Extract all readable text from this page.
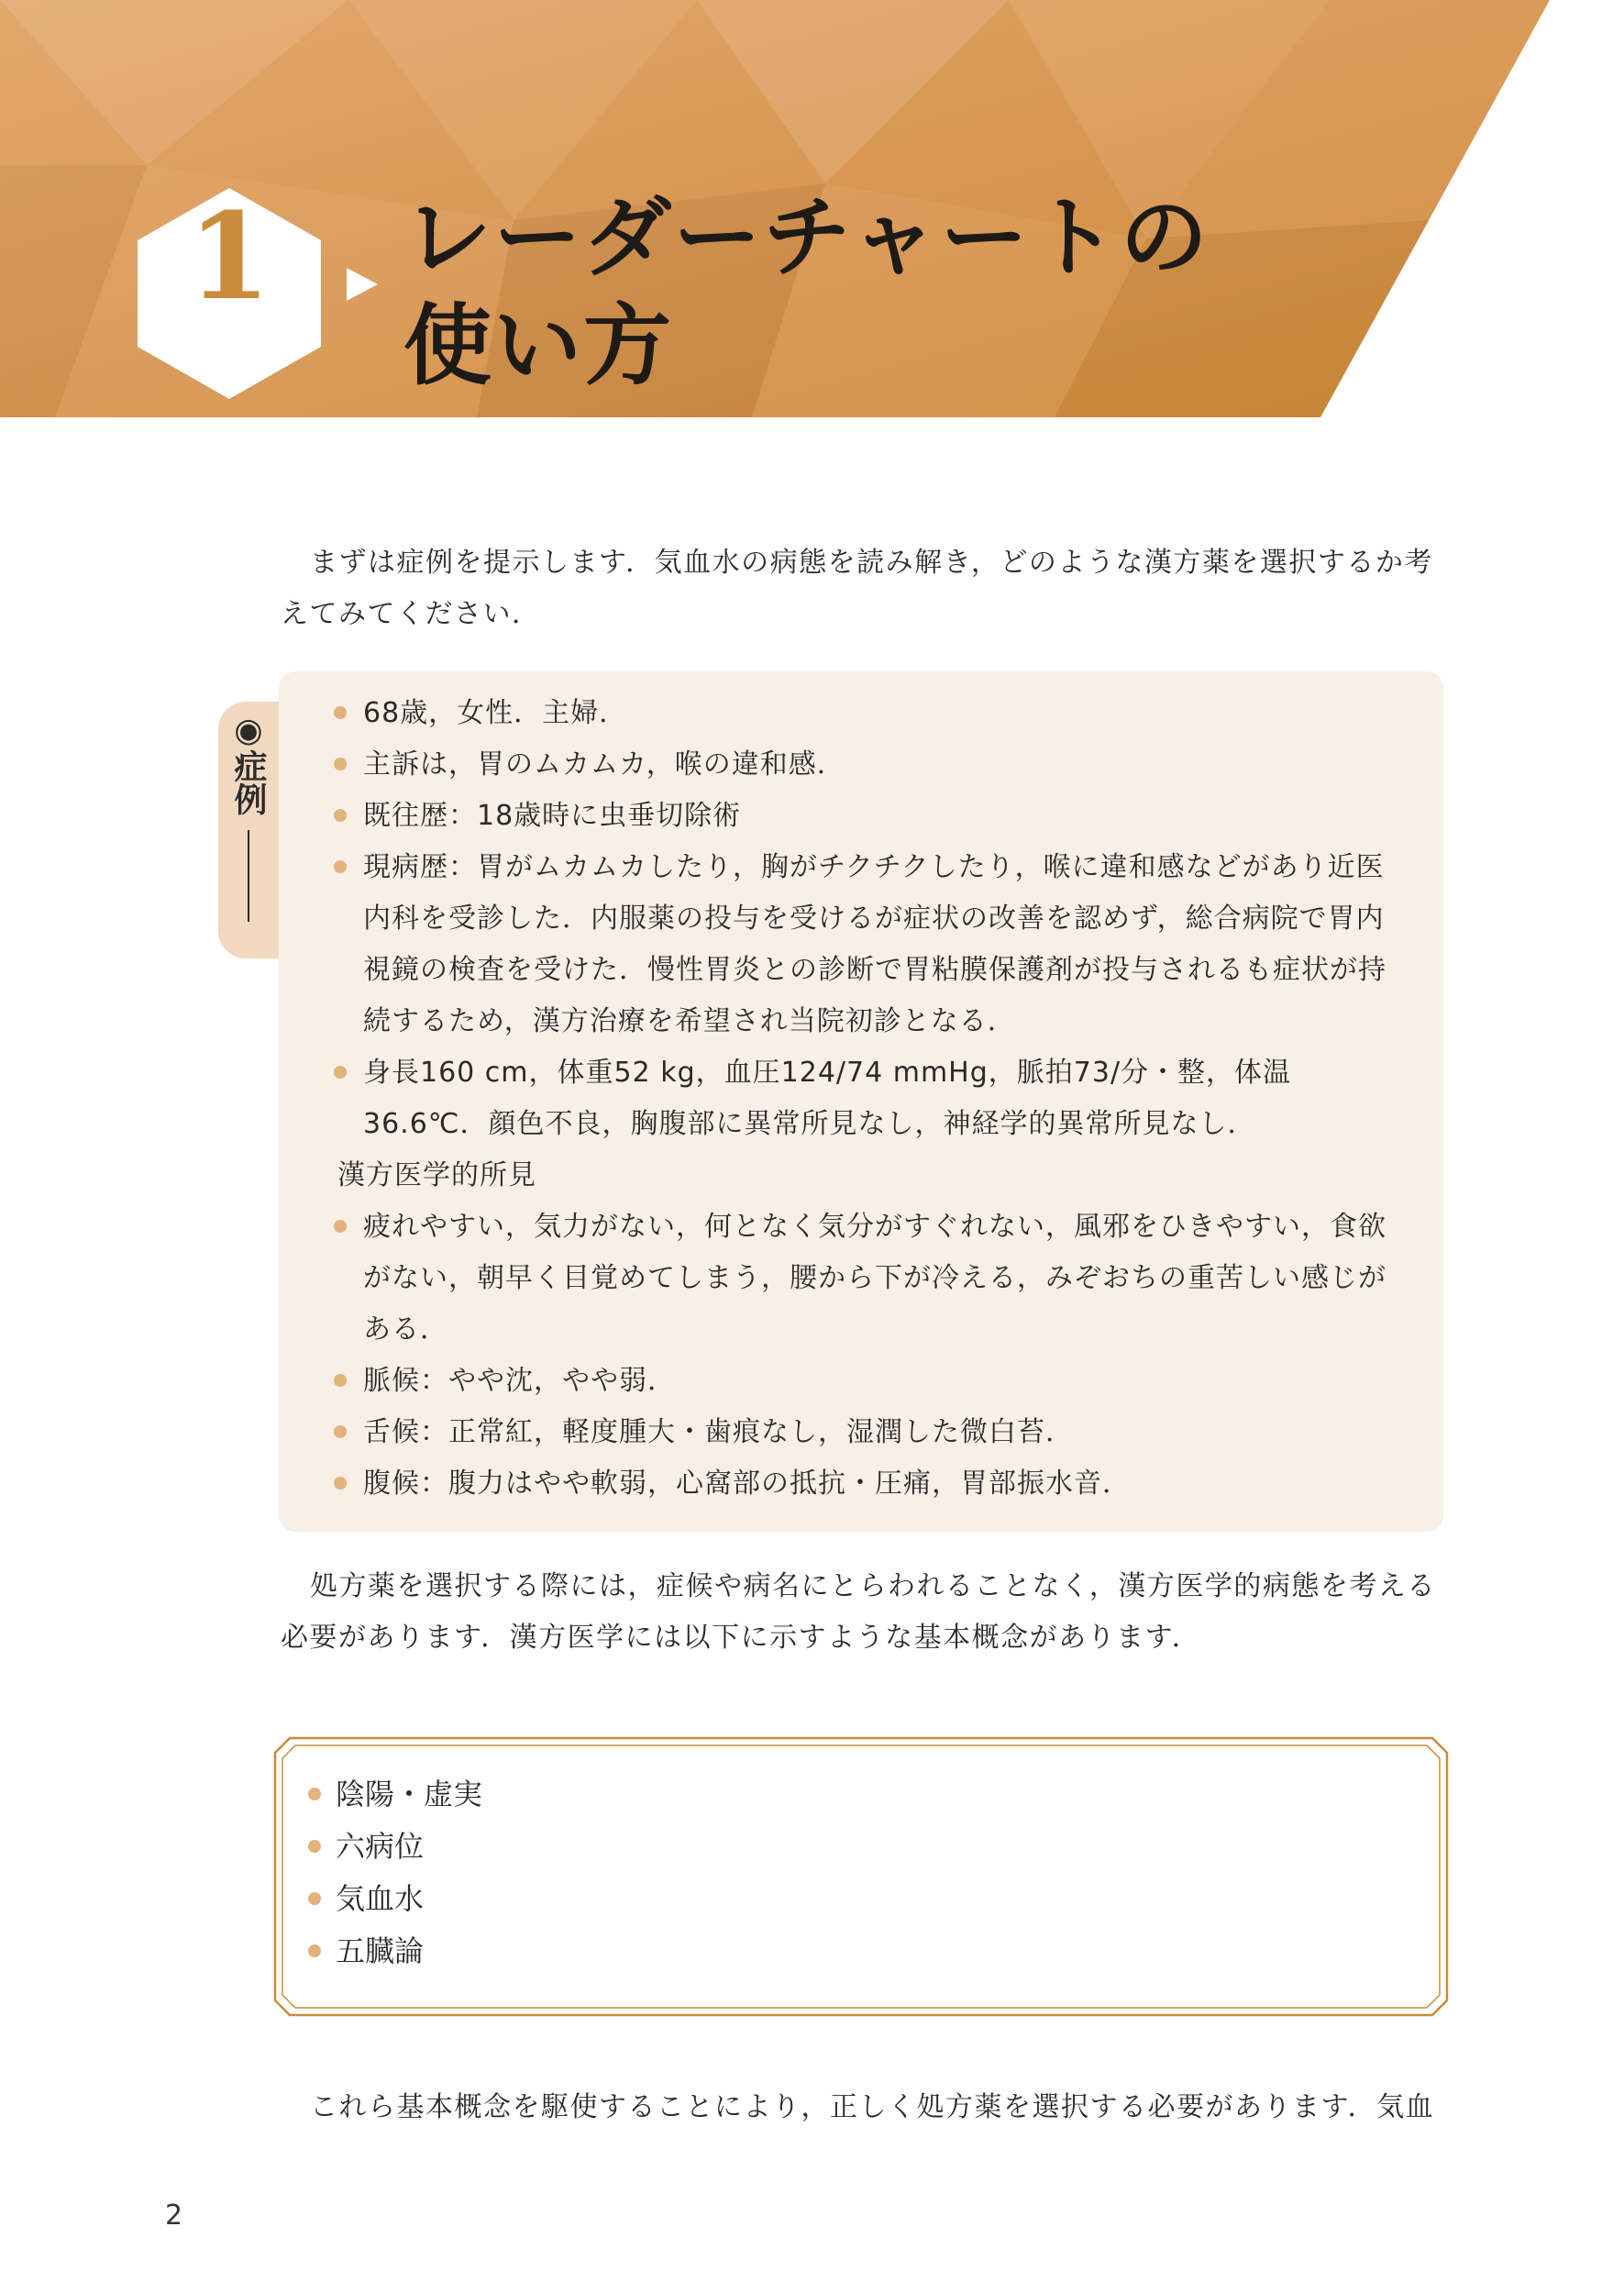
1 レーダーチャートの
使い方

まずは症例を提示します．気血水の病態を読み解き，どのような漢方薬を選択するか考えてみてください．

◉症例	68歳，女性．主婦．
主訴は，胃のムカムカ，喉の違和感．
既往歴：18歳時に虫垂切除術
現病歴：胃がムカムカしたり，胸がチクチクしたり，喉に違和感などがあり近医内科を受診した．内服薬の投与を受けるが症状の改善を認めず，総合病院で胃内視鏡の検査を受けた．慢性胃炎との診断で胃粘膜保護剤が投与されるも症状が持続するため，漢方治療を希望され当院初診となる．
身長160 cm，体重52 kg，血圧124/74 mmHg，脈拍73/分・整，体温36.6℃．顔色不良，胸腹部に異常所見なし，神経学的異常所見なし．
漢方医学的所見
疲れやすい，気力がない，何となく気分がすぐれない，風邪をひきやすい，食欲がない，朝早く目覚めてしまう，腰から下が冷える，みぞおちの重苦しい感じがある．
脈候：やや沈，やや弱．
舌候：正常紅，軽度腫大・歯痕なし，湿潤した微白苔．
腹候：腹力はやや軟弱，心窩部の抵抗・圧痛，胃部振水音．

処方薬を選択する際には，症候や病名にとらわれることなく，漢方医学的病態を考える必要があります．漢方医学には以下に示すような基本概念があります．

陰陽・虚実
六病位
気血水
五臓論

これら基本概念を駆使することにより，正しく処方薬を選択する必要があります．気血

2
